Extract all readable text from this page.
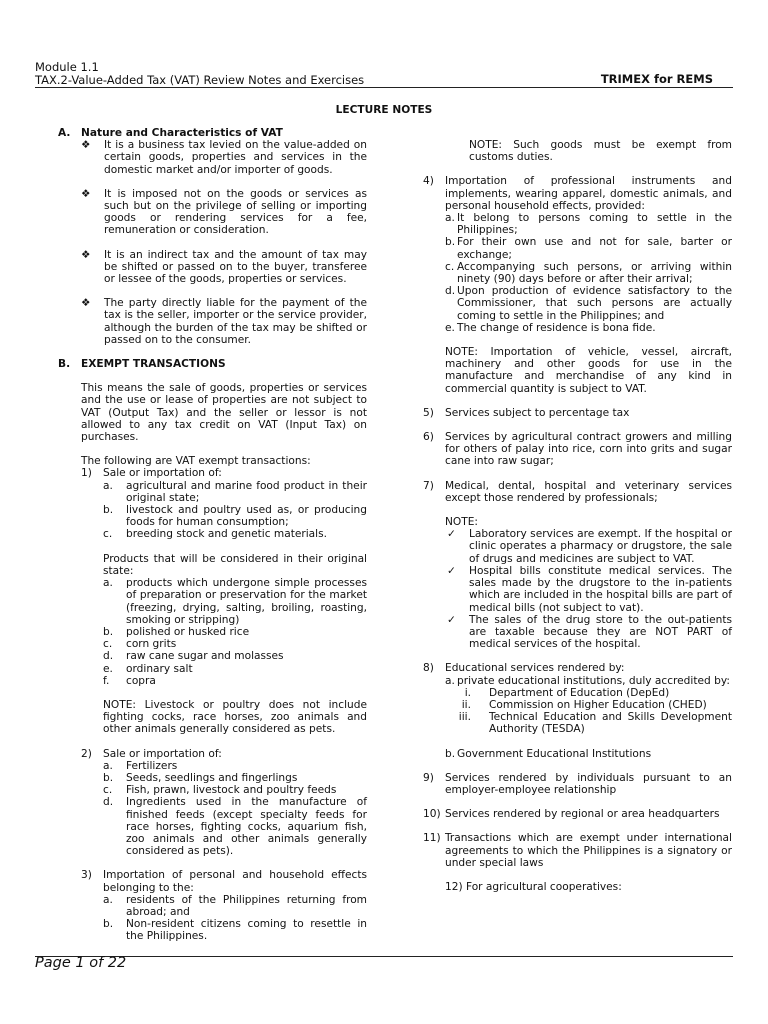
Module 1.1
TAX.2-Value-Added Tax (VAT) Review Notes and Exercises	TRIMEX for REMS
LECTURE NOTES
A. Nature and Characteristics of VAT
❖ It is a business tax levied on the value-added on certain goods, properties and services in the domestic market and/or importer of goods.
❖ It is imposed not on the goods or services as such but on the privilege of selling or importing goods or rendering services for a fee, remuneration or consideration.
❖ It is an indirect tax and the amount of tax may be shifted or passed on to the buyer, transferee or lessee of the goods, properties or services.
❖ The party directly liable for the payment of the tax is the seller, importer or the service provider, although the burden of the tax may be shifted or passed on to the consumer.
B. EXEMPT TRANSACTIONS
This means the sale of goods, properties or services and the use or lease of properties are not subject to VAT (Output Tax) and the seller or lessor is not allowed to any tax credit on VAT (Input Tax) on purchases.
The following are VAT exempt transactions:
1) Sale or importation of:
a. agricultural and marine food product in their original state;
b. livestock and poultry used as, or producing foods for human consumption;
c. breeding stock and genetic materials.
Products that will be considered in their original state:
a. products which undergone simple processes of preparation or preservation for the market (freezing, drying, salting, broiling, roasting, smoking or stripping)
b. polished or husked rice
c. corn grits
d. raw cane sugar and molasses
e. ordinary salt
f. copra
NOTE: Livestock or poultry does not include fighting cocks, race horses, zoo animals and other animals generally considered as pets.
2) Sale or importation of:
a. Fertilizers
b. Seeds, seedlings and fingerlings
c. Fish, prawn, livestock and poultry feeds
d. Ingredients used in the manufacture of finished feeds (except specialty feeds for race horses, fighting cocks, aquarium fish, zoo animals and other animals generally considered as pets).
3) Importation of personal and household effects belonging to the:
a. residents of the Philippines returning from abroad; and
b. Non-resident citizens coming to resettle in the Philippines.
NOTE: Such goods must be exempt from customs duties.
4) Importation of professional instruments and implements, wearing apparel, domestic animals, and personal household effects, provided:
a. It belong to persons coming to settle in the Philippines;
b. For their own use and not for sale, barter or exchange;
c. Accompanying such persons, or arriving within ninety (90) days before or after their arrival;
d. Upon production of evidence satisfactory to the Commissioner, that such persons are actually coming to settle in the Philippines; and
e. The change of residence is bona fide.
NOTE: Importation of vehicle, vessel, aircraft, machinery and other goods for use in the manufacture and merchandise of any kind in commercial quantity is subject to VAT.
5) Services subject to percentage tax
6) Services by agricultural contract growers and milling for others of palay into rice, corn into grits and sugar cane into raw sugar;
7) Medical, dental, hospital and veterinary services except those rendered by professionals;
NOTE:
✓ Laboratory services are exempt. If the hospital or clinic operates a pharmacy or drugstore, the sale of drugs and medicines are subject to VAT.
✓ Hospital bills constitute medical services. The sales made by the drugstore to the in-patients which are included in the hospital bills are part of medical bills (not subject to vat).
✓ The sales of the drug store to the out-patients are taxable because they are NOT PART of medical services of the hospital.
8) Educational services rendered by:
a. private educational institutions, duly accredited by:
i. Department of Education (DepEd)
ii. Commission on Higher Education (CHED)
iii. Technical Education and Skills Development Authority (TESDA)
b. Government Educational Institutions
9) Services rendered by individuals pursuant to an employer-employee relationship
10) Services rendered by regional or area headquarters
11) Transactions which are exempt under international agreements to which the Philippines is a signatory or under special laws
12) For agricultural cooperatives:
Page 1 of 22
